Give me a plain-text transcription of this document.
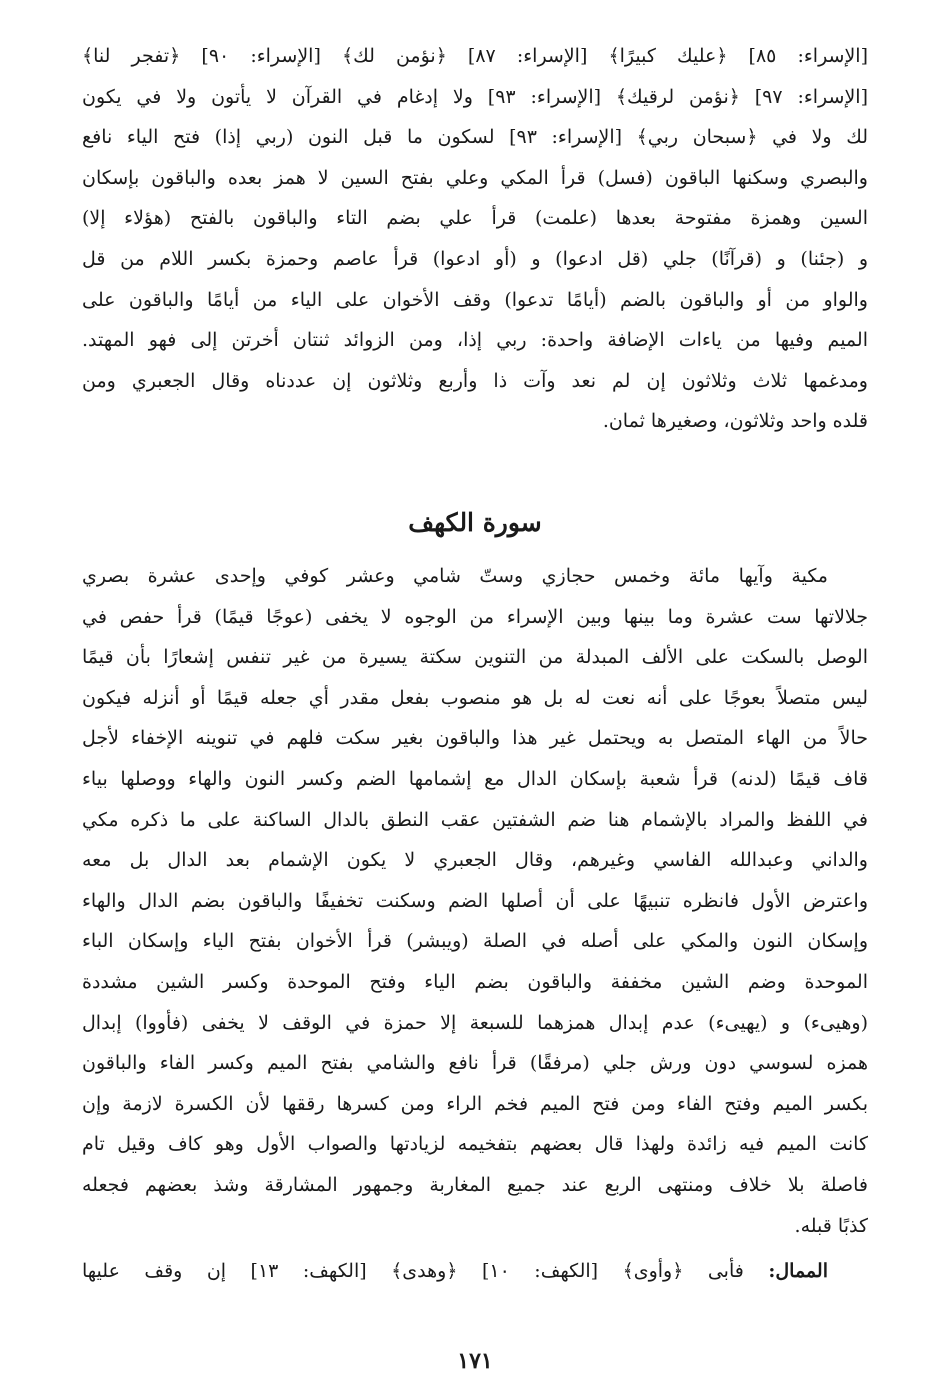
[الإسراء: ٨٥] ﴿عليك كبيرًا﴾ [الإسراء: ٨٧] ﴿نؤمن لك﴾ [الإسراء: ٩٠] ﴿تفجر لنا﴾
[الإسراء: ٩٧] ﴿نؤمن لرقيك﴾ [الإسراء: ٩٣] ولا إدغام في القرآن لا يأتون ولا في يكون
لك ولا في ﴿سبحان ربي﴾ [الإسراء: ٩٣] لسكون ما قبل النون (ربي إذا) فتح الياء نافع
والبصري وسكنها الباقون (فسل) قرأ المكي وعلي بفتح السين لا همز بعده والباقون بإسكان
السين وهمزة مفتوحة بعدها (علمت) قرأ علي بضم التاء والباقون بالفتح (هؤلاء إلا)
و (جئنا) و (قرآنًا) جلي (قل ادعوا) و (أو ادعوا) قرأ عاصم وحمزة بكسر اللام من قل
والواو من أو والباقون بالضم (أيامًا تدعوا) وقف الأخوان على الياء من أيامًا والباقون على
الميم وفيها من ياءات الإضافة واحدة: ربي إذا، ومن الزوائد ثنتان أخرتن إلى فهو المهتد.
ومدغمها ثلاث وثلاثون إن لم نعد وآت ذا وأربع وثلاثون إن عددناه وقال الجعبري ومن
قلده واحد وثلاثون، وصغيرها ثمان.
سورة الكهف
مكية وآيها مائة وخمس حجازي وستّ شامي وعشر كوفي وإحدى عشرة بصري
جلالاتها ست عشرة وما بينها وبين الإسراء من الوجوه لا يخفى (عوجًا قيمًا) قرأ حفص في
الوصل بالسكت على الألف المبدلة من التنوين سكتة يسيرة من غير تنفس إشعارًا بأن قيمًا
ليس متصلاً بعوجًا على أنه نعت له بل هو منصوب بفعل مقدر أي جعله قيمًا أو أنزله فيكون
حالاً من الهاء المتصل به ويحتمل غير هذا والباقون بغير سكت فلهم في تنوينه الإخفاء لأجل
قاف قيمًا (لدنه) قرأ شعبة بإسكان الدال مع إشمامها الضم وكسر النون والهاء ووصلها بياء
في اللفظ والمراد بالإشمام هنا ضم الشفتين عقب النطق بالدال الساكنة على ما ذكره مكي
والداني وعبدالله الفاسي وغيرهم، وقال الجعبري لا يكون الإشمام بعد الدال بل معه
واعترض الأول فانظره تنبيهًا على أن أصلها الضم وسكنت تخفيفًا والباقون بضم الدال والهاء
وإسكان النون والمكي على أصله في الصلة (ويبشر) قرأ الأخوان بفتح الياء وإسكان الباء
الموحدة وضم الشين مخففة والباقون بضم الياء وفتح الموحدة وكسر الشين مشددة
(وهيىء) و (يهيىء) عدم إبدال همزهما للسبعة إلا حمزة في الوقف لا يخفى (فأووا) إبدال
همزه لسوسي دون ورش جلي (مرفقًا) قرأ نافع والشامي بفتح الميم وكسر الفاء والباقون
بكسر الميم وفتح الفاء ومن فتح الميم فخم الراء ومن كسرها رققها لأن الكسرة لازمة وإن
كانت الميم فيه زائدة ولهذا قال بعضهم بتفخيمه لزيادتها والصواب الأول وهو كاف وقيل تام
فاصلة بلا خلاف ومنتهى الربع عند جميع المغاربة وجمهور المشارقة وشذ بعضهم فجعله
كذبًا قبله.
الممال: فأبى ﴿وأوى﴾ [الكهف: ١٠] ﴿وهدى﴾ [الكهف: ١٣] إن وقف عليها
١٧١
